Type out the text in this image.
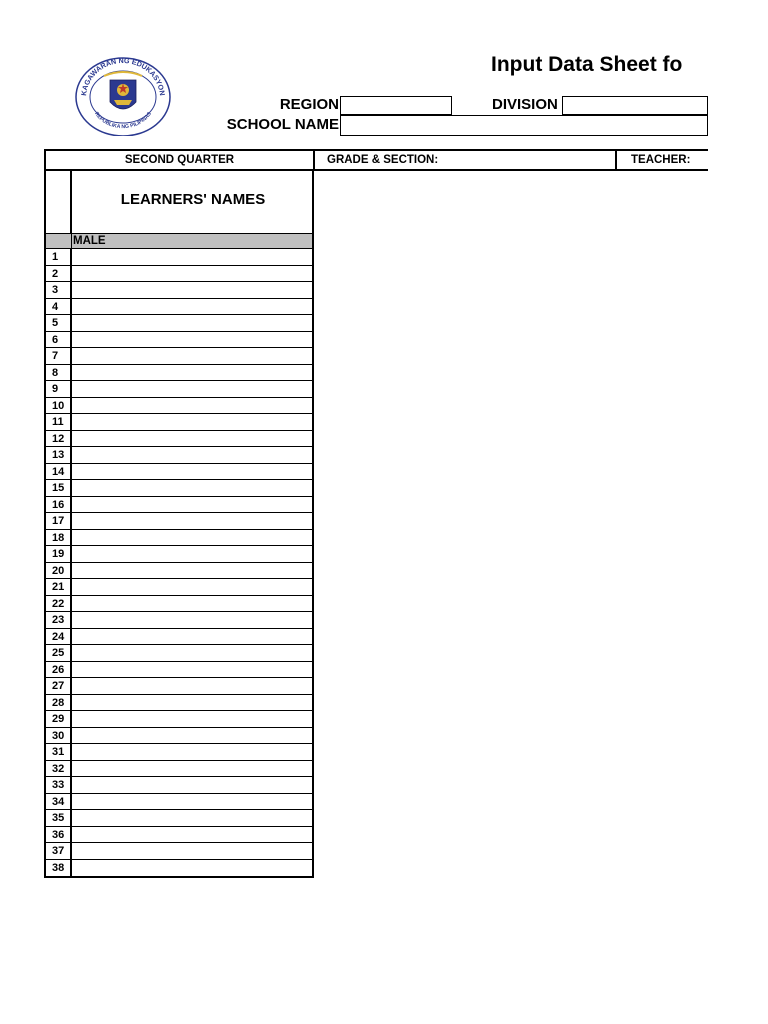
KAGAWARAN NG EDUKASYON
REPUBLIKA NG PILIPINAS
Input Data Sheet fo
REGION	DIVISION
SCHOOL NAME
SECOND QUARTER	GRADE & SECTION:	TEACHER:
LEARNERS' NAMES
MALE
1
2
3
4
5
6
7
8
9
10
11
12
13
14
15
16
17
18
19
20
21
22
23
24
25
26
27
28
29
30
31
32
33
34
35
36
37
38
